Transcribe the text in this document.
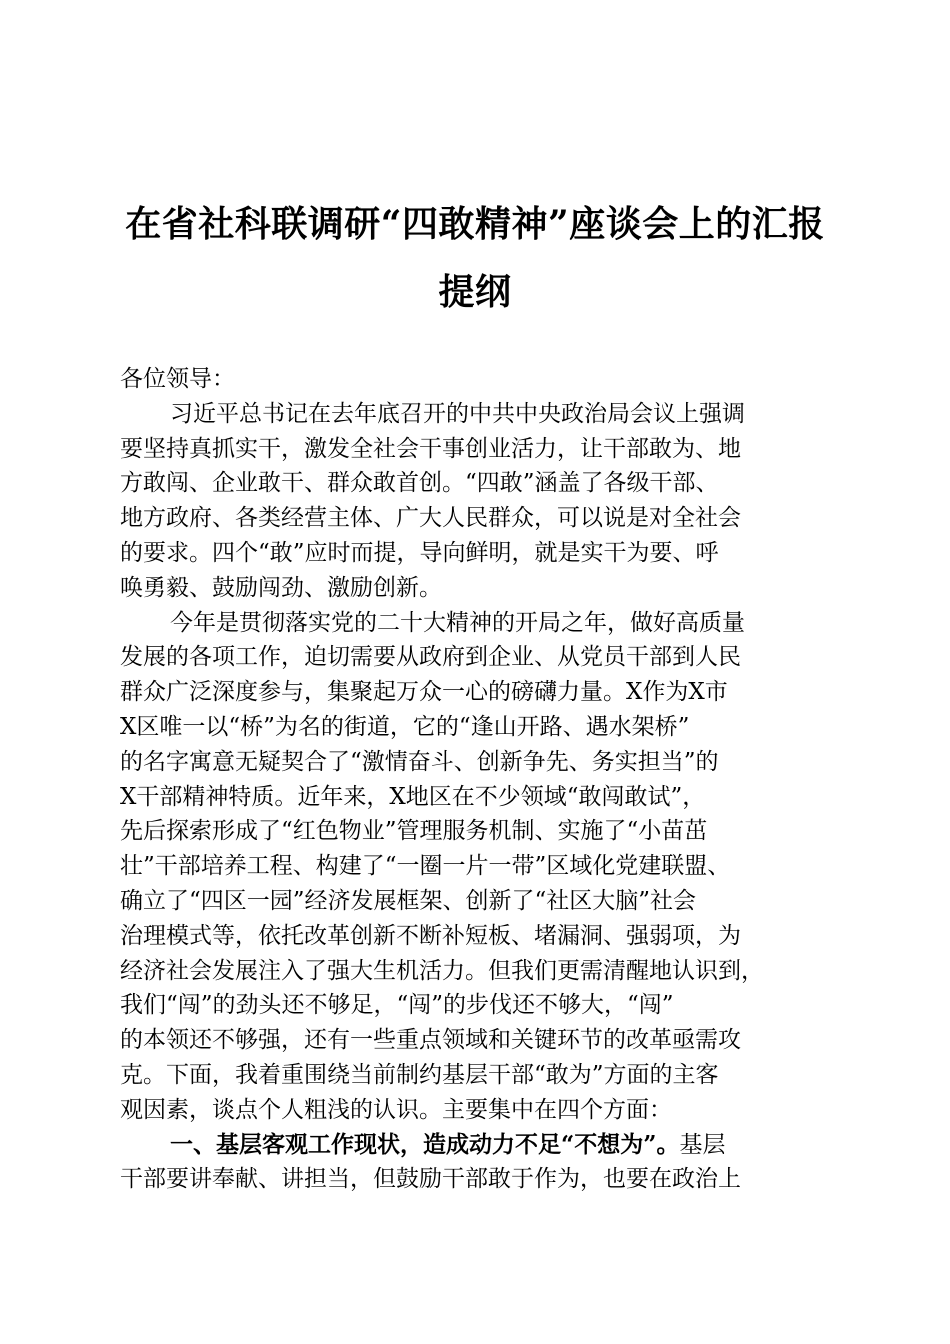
在省社科联调研“四敢精神”座谈会上的汇报
提纲
各位领导：
习近平总书记在去年底召开的中共中央政治局会议上强调
要坚持真抓实干，激发全社会干事创业活力，让干部敢为、地
方敢闯、企业敢干、群众敢首创。“四敢”涵盖了各级干部、
地方政府、各类经营主体、广大人民群众，可以说是对全社会
的要求。四个“敢”应时而提，导向鲜明，就是实干为要、呼
唤勇毅、鼓励闯劲、激励创新。
今年是贯彻落实党的二十大精神的开局之年，做好高质量
发展的各项工作，迫切需要从政府到企业、从党员干部到人民
群众广泛深度参与，集聚起万众一心的磅礴力量。X作为X市
X区唯一以“桥”为名的街道，它的“逢山开路、遇水架桥”
的名字寓意无疑契合了“激情奋斗、创新争先、务实担当”的
X干部精神特质。近年来，X地区在不少领域“敢闯敢试”，
先后探索形成了“红色物业”管理服务机制、实施了“小苗茁
壮”干部培养工程、构建了“一圈一片一带”区域化党建联盟、
确立了“四区一园”经济发展框架、创新了“社区大脑”社会
治理模式等，依托改革创新不断补短板、堵漏洞、强弱项，为
经济社会发展注入了强大生机活力。但我们更需清醒地认识到，
我们“闯”的劲头还不够足，“闯”的步伐还不够大，“闯”
的本领还不够强，还有一些重点领域和关键环节的改革亟需攻
克。下面，我着重围绕当前制约基层干部“敢为”方面的主客
观因素，谈点个人粗浅的认识。主要集中在四个方面：
一、基层客观工作现状，造成动力不足“不想为”。基层
干部要讲奉献、讲担当，但鼓励干部敢于作为，也要在政治上
